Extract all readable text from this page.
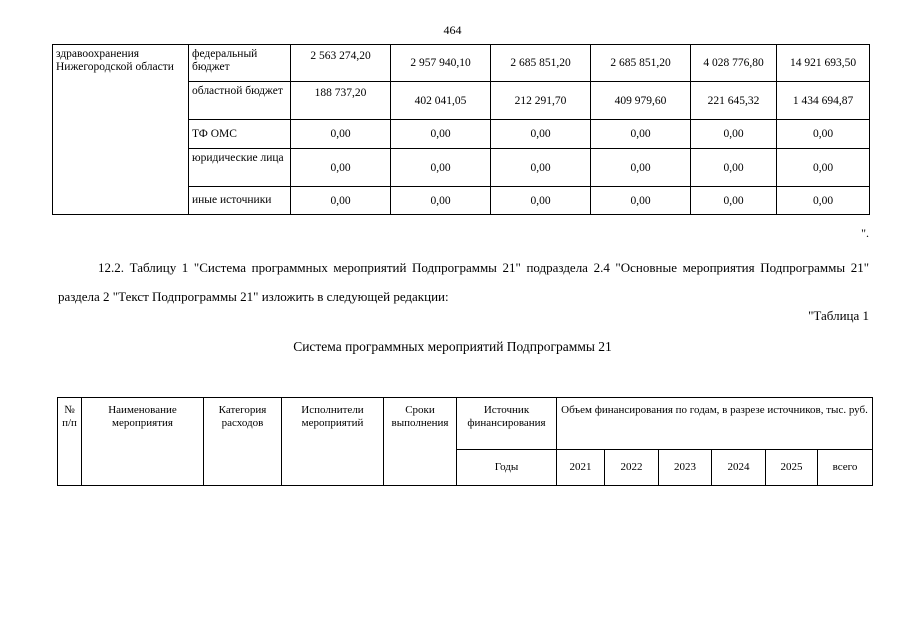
464
здравоохранения Нижегородской области	федеральный бюджет	2 563 274,20	2 957 940,10	2 685 851,20	2 685 851,20	4 028 776,80	14 921 693,50
	областной бюджет	188 737,20	402 041,05	212 291,70	409 979,60	221 645,32	1 434 694,87
	ТФ ОМС	0,00	0,00	0,00	0,00	0,00	0,00
	юридические лица	0,00	0,00	0,00	0,00	0,00	0,00
	иные источники	0,00	0,00	0,00	0,00	0,00	0,00
".
12.2. Таблицу 1 "Система программных мероприятий Подпрограммы 21" подраздела 2.4 "Основные мероприятия Подпрограммы 21" раздела 2 "Текст Подпрограммы 21" изложить в следующей редакции:
"Таблица 1
Система программных мероприятий Подпрограммы 21
№ п/п	Наименование мероприятия	Категория расходов	Исполнители мероприятий	Сроки выполнения	Источник финансирования	Объем финансирования по годам, в разрезе источников, тыс. руб.					
					Годы	2021	2022	2023	2024	2025	всего
